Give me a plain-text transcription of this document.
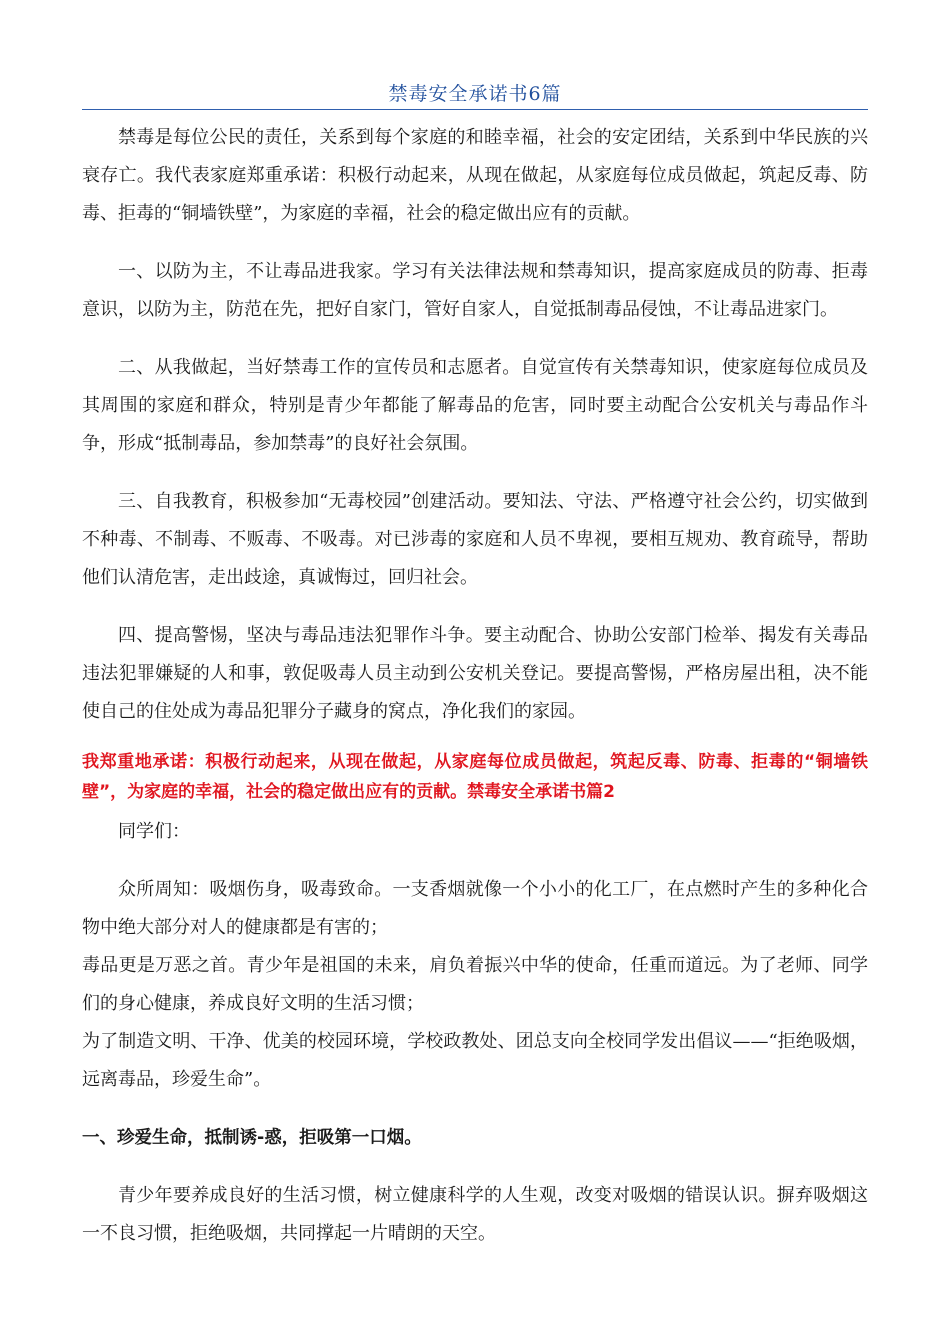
禁毒安全承诺书6篇

禁毒是每位公民的责任，关系到每个家庭的和睦幸福，社会的安定团结，关系到中华民族的兴衰存亡。我代表家庭郑重承诺：积极行动起来，从现在做起，从家庭每位成员做起，筑起反毒、防毒、拒毒的“铜墙铁壁”，为家庭的幸福，社会的稳定做出应有的贡献。

一、以防为主，不让毒品进我家。学习有关法律法规和禁毒知识，提高家庭成员的防毒、拒毒意识，以防为主，防范在先，把好自家门，管好自家人，自觉抵制毒品侵蚀，不让毒品进家门。

二、从我做起，当好禁毒工作的宣传员和志愿者。自觉宣传有关禁毒知识，使家庭每位成员及其周围的家庭和群众，特别是青少年都能了解毒品的危害，同时要主动配合公安机关与毒品作斗争，形成“抵制毒品，参加禁毒”的良好社会氛围。

三、自我教育，积极参加“无毒校园”创建活动。要知法、守法、严格遵守社会公约，切实做到不种毒、不制毒、不贩毒、不吸毒。对已涉毒的家庭和人员不卑视，要相互规劝、教育疏导，帮助他们认清危害，走出歧途，真诚悔过，回归社会。

四、提高警惕，坚决与毒品违法犯罪作斗争。要主动配合、协助公安部门检举、揭发有关毒品违法犯罪嫌疑的人和事，敦促吸毒人员主动到公安机关登记。要提高警惕，严格房屋出租，决不能使自己的住处成为毒品犯罪分子藏身的窝点，净化我们的家园。

我郑重地承诺：积极行动起来，从现在做起，从家庭每位成员做起，筑起反毒、防毒、拒毒的“铜墙铁壁”，为家庭的幸福，社会的稳定做出应有的贡献。禁毒安全承诺书篇2

同学们：

众所周知：吸烟伤身，吸毒致命。一支香烟就像一个小小的化工厂，在点燃时产生的多种化合物中绝大部分对人的健康都是有害的；

毒品更是万恶之首。青少年是祖国的未来，肩负着振兴中华的使命，任重而道远。为了老师、同学们的身心健康，养成良好文明的生活习惯；

为了制造文明、干净、优美的校园环境，学校政教处、团总支向全校同学发出倡议——“拒绝吸烟，远离毒品，珍爱生命”。

一、珍爱生命，抵制诱-惑，拒吸第一口烟。

青少年要养成良好的生活习惯，树立健康科学的人生观，改变对吸烟的错误认识。摒弃吸烟这一不良习惯，拒绝吸烟，共同撑起一片晴朗的天空。
